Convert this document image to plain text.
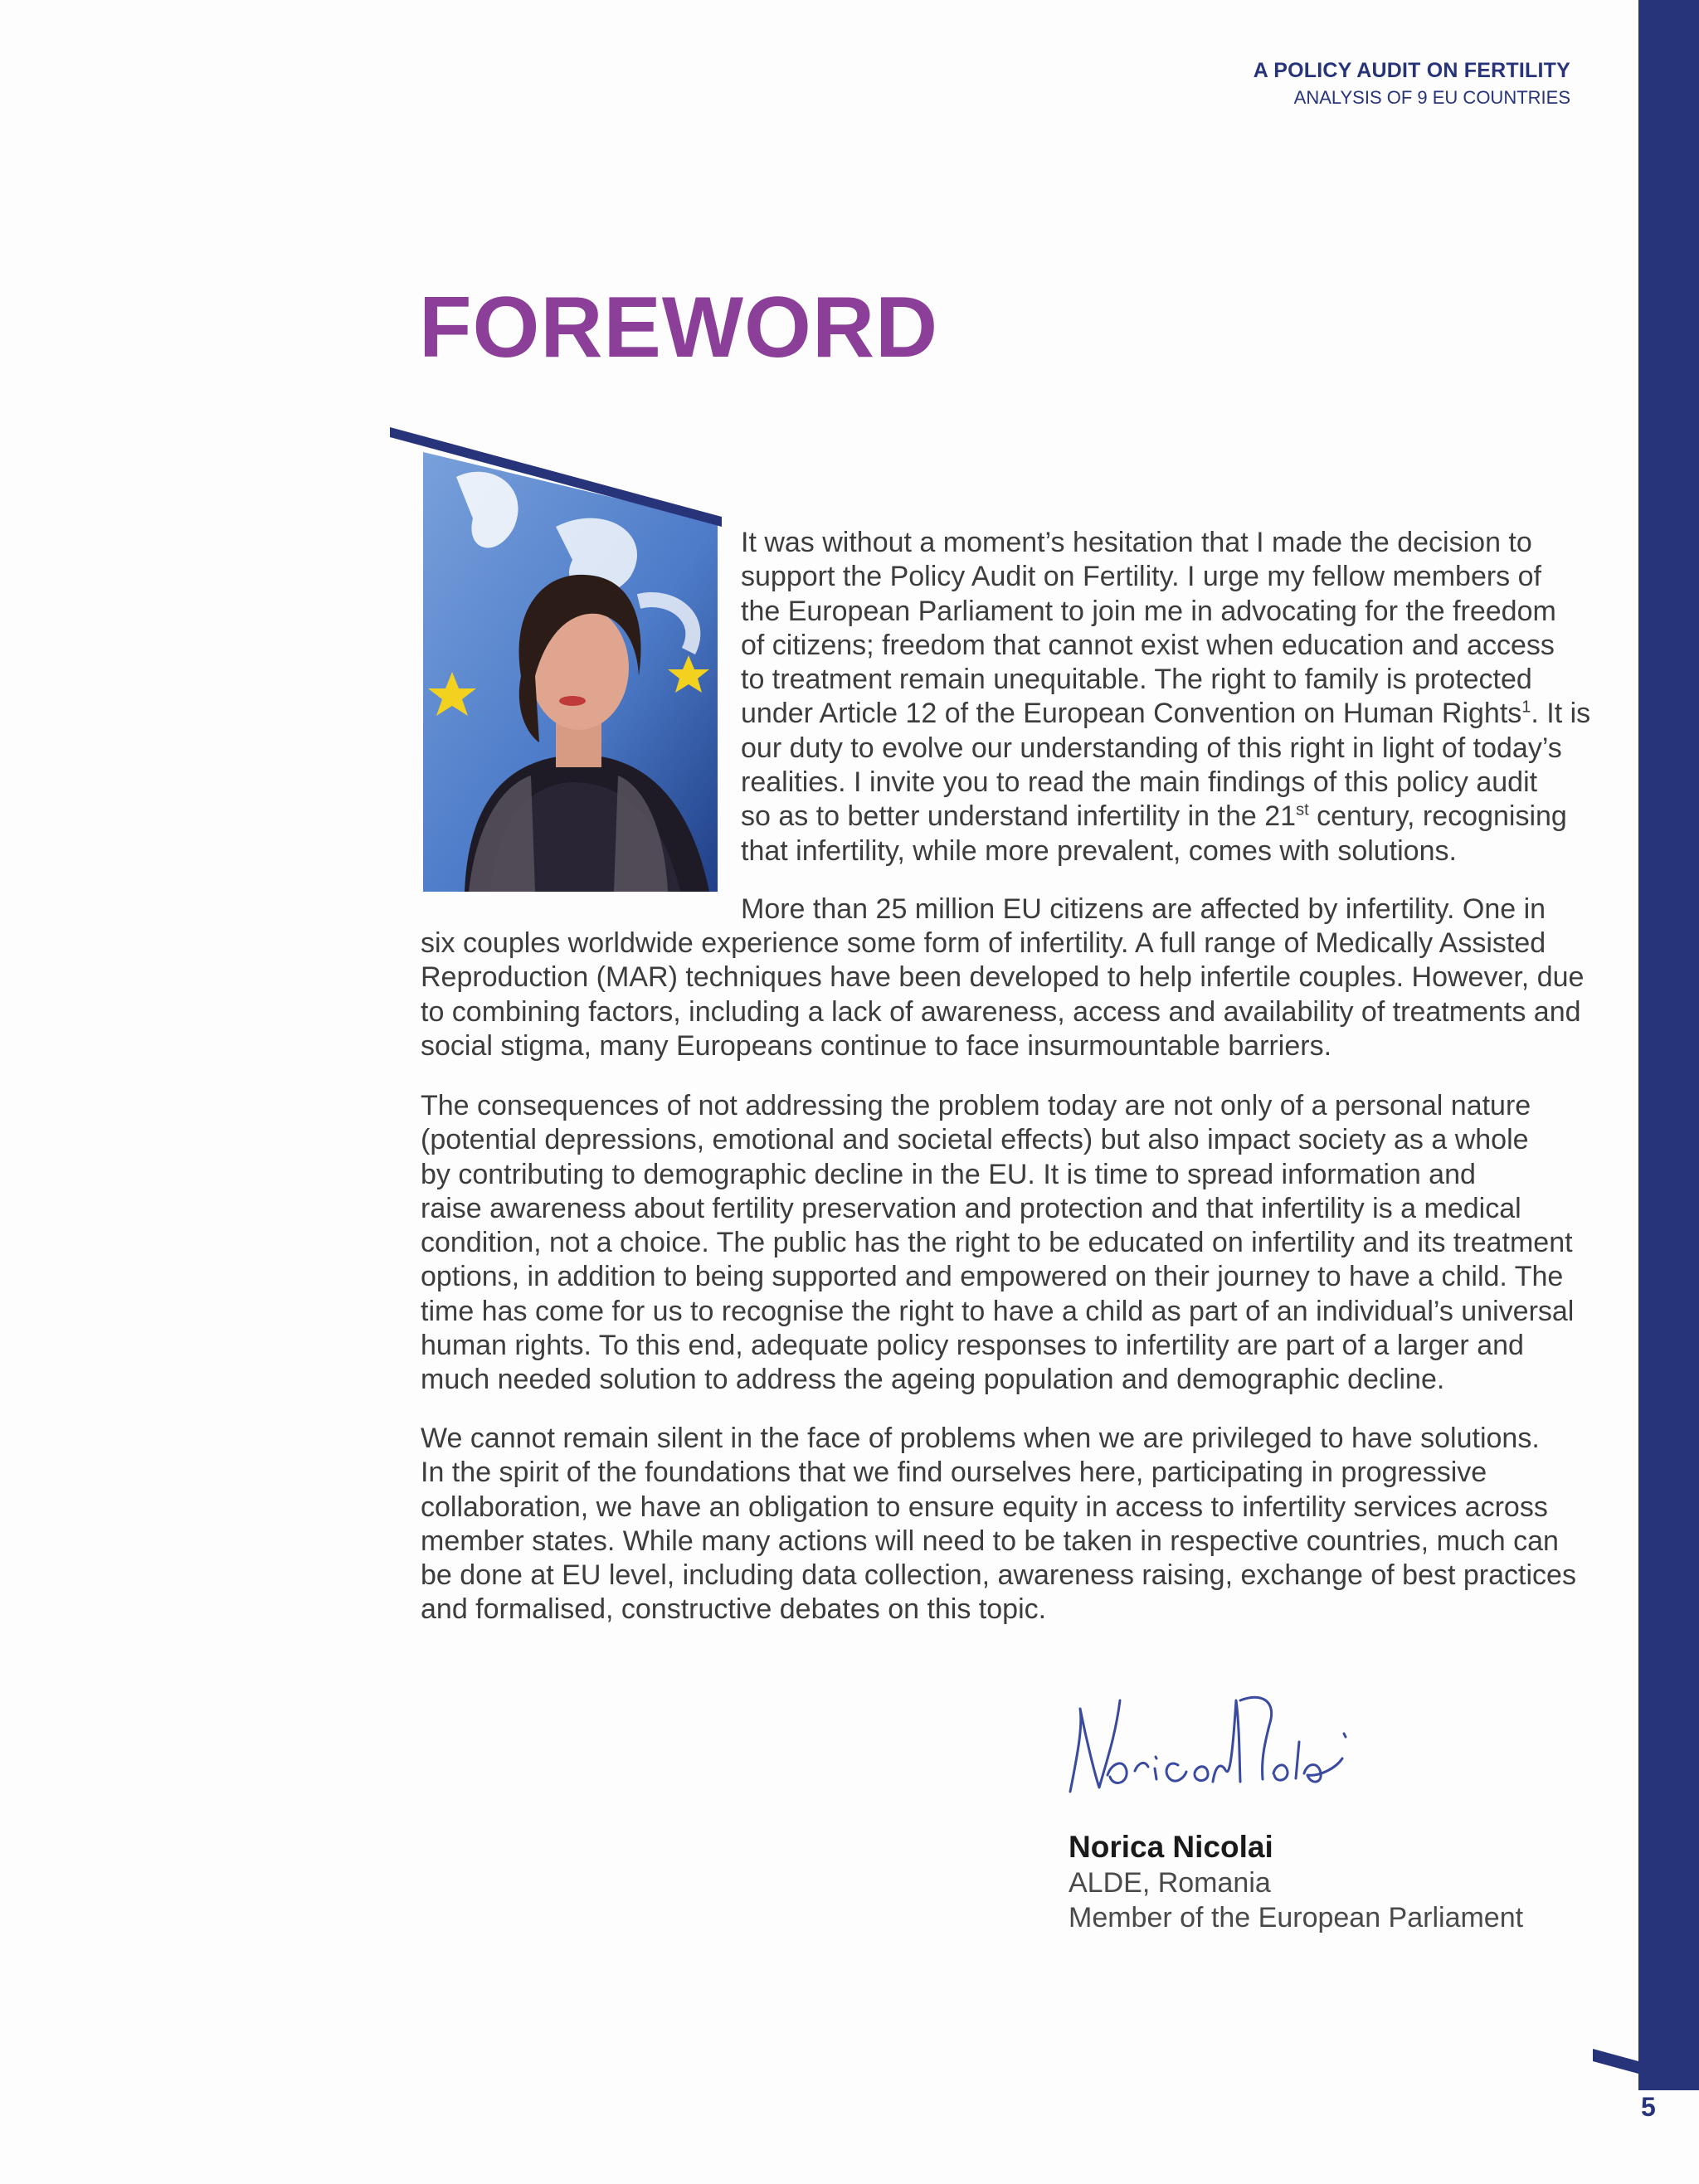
A POLICY AUDIT ON FERTILITY
ANALYSIS OF 9 EU COUNTRIES
FOREWORD

It was without a moment’s hesitation that I made the decision to
support the Policy Audit on Fertility. I urge my fellow members of
the European Parliament to join me in advocating for the freedom
of citizens; freedom that cannot exist when education and access
to treatment remain unequitable. The right to family is protected
under Article 12 of the European Convention on Human Rights$^1$. It is
our duty to evolve our understanding of this right in light of today’s
realities. I invite you to read the main findings of this policy audit
so as to better understand infertility in the 21st century, recognising
that infertility, while more prevalent, comes with solutions.

More than 25 million EU citizens are affected by infertility. One in

six couples worldwide experience some form of infertility. A full range of Medically Assisted
Reproduction (MAR) techniques have been developed to help infertile couples. However, due
to combining factors, including a lack of awareness, access and availability of treatments and
social stigma, many Europeans continue to face insurmountable barriers.

The consequences of not addressing the problem today are not only of a personal nature
(potential depressions, emotional and societal effects) but also impact society as a whole
by contributing to demographic decline in the EU. It is time to spread information and
raise awareness about fertility preservation and protection and that infertility is a medical
condition, not a choice. The public has the right to be educated on infertility and its treatment
options, in addition to being supported and empowered on their journey to have a child. The
time has come for us to recognise the right to have a child as part of an individual’s universal
human rights. To this end, adequate policy responses to infertility are part of a larger and
much needed solution to address the ageing population and demographic decline.

We cannot remain silent in the face of problems when we are privileged to have solutions.
In the spirit of the foundations that we find ourselves here, participating in progressive
collaboration, we have an obligation to ensure equity in access to infertility services across
member states. While many actions will need to be taken in respective countries, much can
be done at EU level, including data collection, awareness raising, exchange of best practices
and formalised, constructive debates on this topic.

Norica Nicolai
ALDE, Romania
Member of the European Parliament
5
